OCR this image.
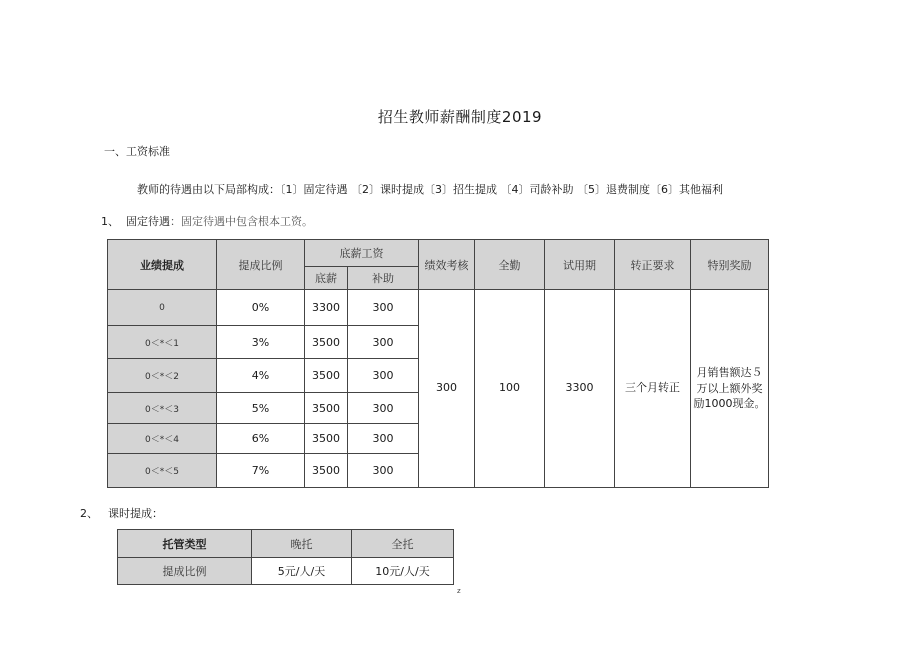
招生教师薪酬制度2019
一、工资标准
教师的待遇由以下局部构成：〔1〕固定待遇 〔2〕课时提成〔3〕招生提成 〔4〕司龄补助 〔5〕退费制度〔6〕其他福利
1、 固定待遇：固定待遇中包含根本工资。
业绩提成	提成比例	底薪工资		绩效考核	全勤	试用期	转正要求	特别奖励
		底薪	补助					
0	0%	3300	300	300	100	3300	三个月转正	月销售额达５万以上额外奖励1000现金。
0＜*＜1	3%	3500	300					
0＜*＜2	4%	3500	300					
0＜*＜3	5%	3500	300					
0＜*＜4	6%	3500	300					
0＜*＜5	7%	3500	300					
2、 课时提成：
托管类型	晚托	全托
提成比例	5元/人/天	10元/人/天
z
